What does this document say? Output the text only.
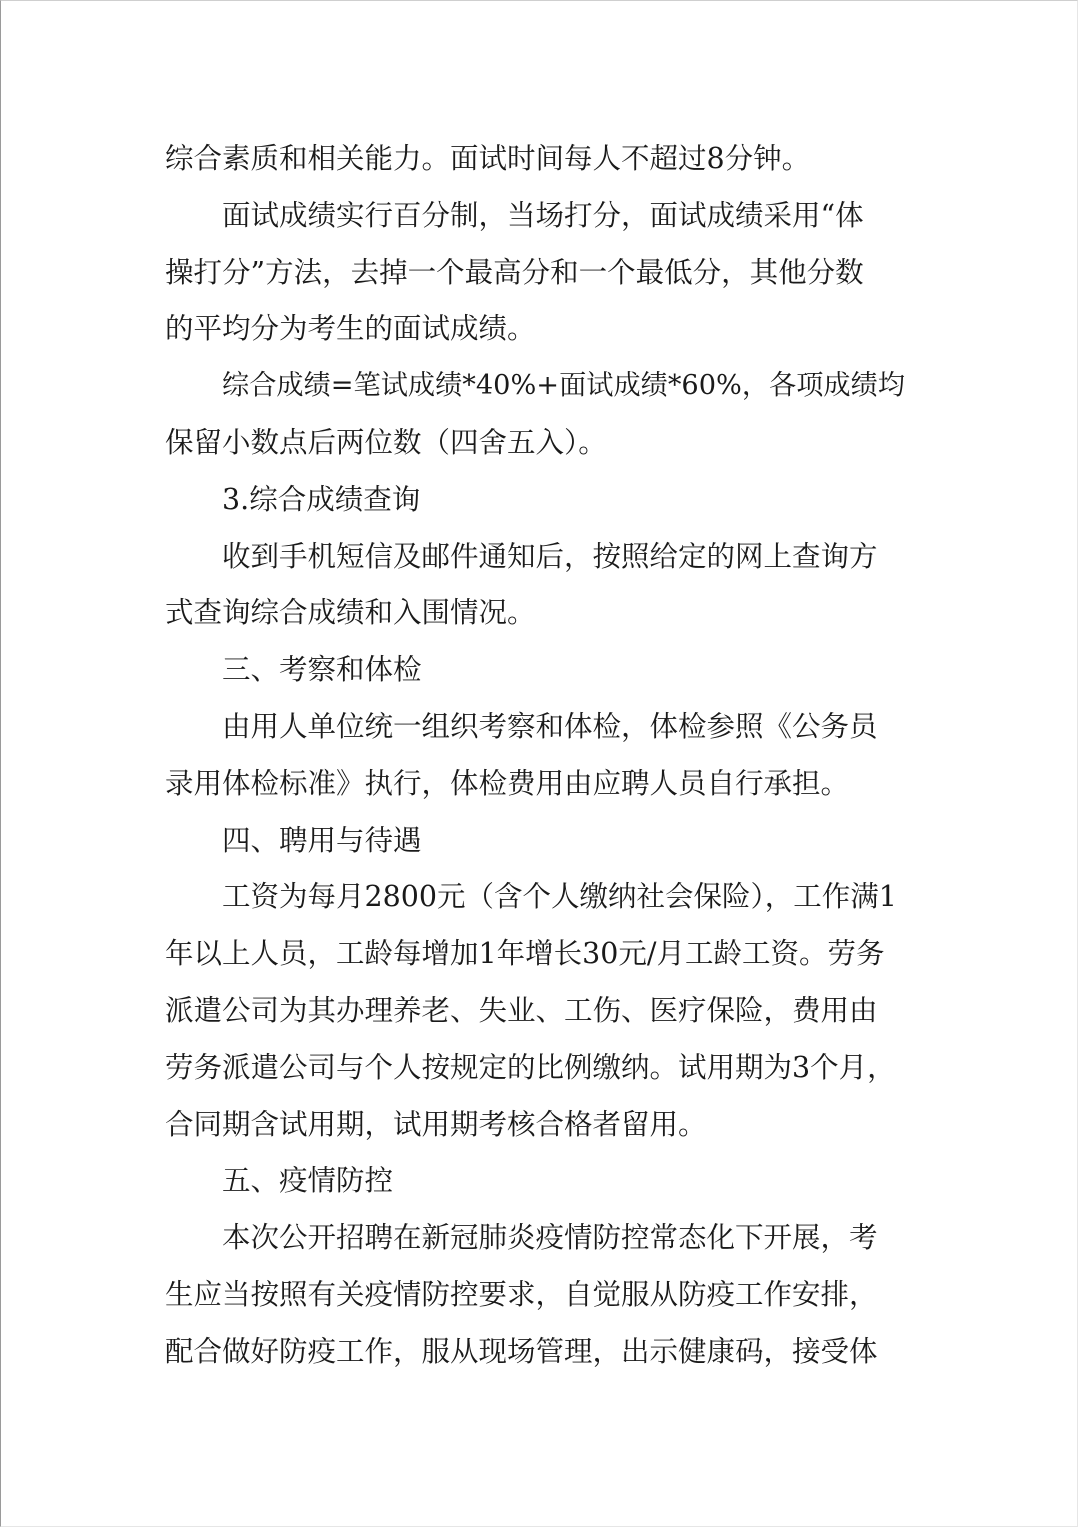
综合素质和相关能力。面试时间每人不超过8分钟。
面试成绩实行百分制，当场打分，面试成绩采用“体
操打分”方法，去掉一个最高分和一个最低分，其他分数
的平均分为考生的面试成绩。
综合成绩=笔试成绩*40%+面试成绩*60%，各项成绩均
保留小数点后两位数（四舍五入）。
3.综合成绩查询
收到手机短信及邮件通知后，按照给定的网上查询方
式查询综合成绩和入围情况。
三、考察和体检
由用人单位统一组织考察和体检，体检参照《公务员
录用体检标准》执行，体检费用由应聘人员自行承担。
四、聘用与待遇
工资为每月2800元（含个人缴纳社会保险），工作满1
年以上人员，工龄每增加1年增长30元/月工龄工资。劳务
派遣公司为其办理养老、失业、工伤、医疗保险，费用由
劳务派遣公司与个人按规定的比例缴纳。试用期为3个月，
合同期含试用期，试用期考核合格者留用。
五、疫情防控
本次公开招聘在新冠肺炎疫情防控常态化下开展，考
生应当按照有关疫情防控要求，自觉服从防疫工作安排，
配合做好防疫工作，服从现场管理，出示健康码，接受体
